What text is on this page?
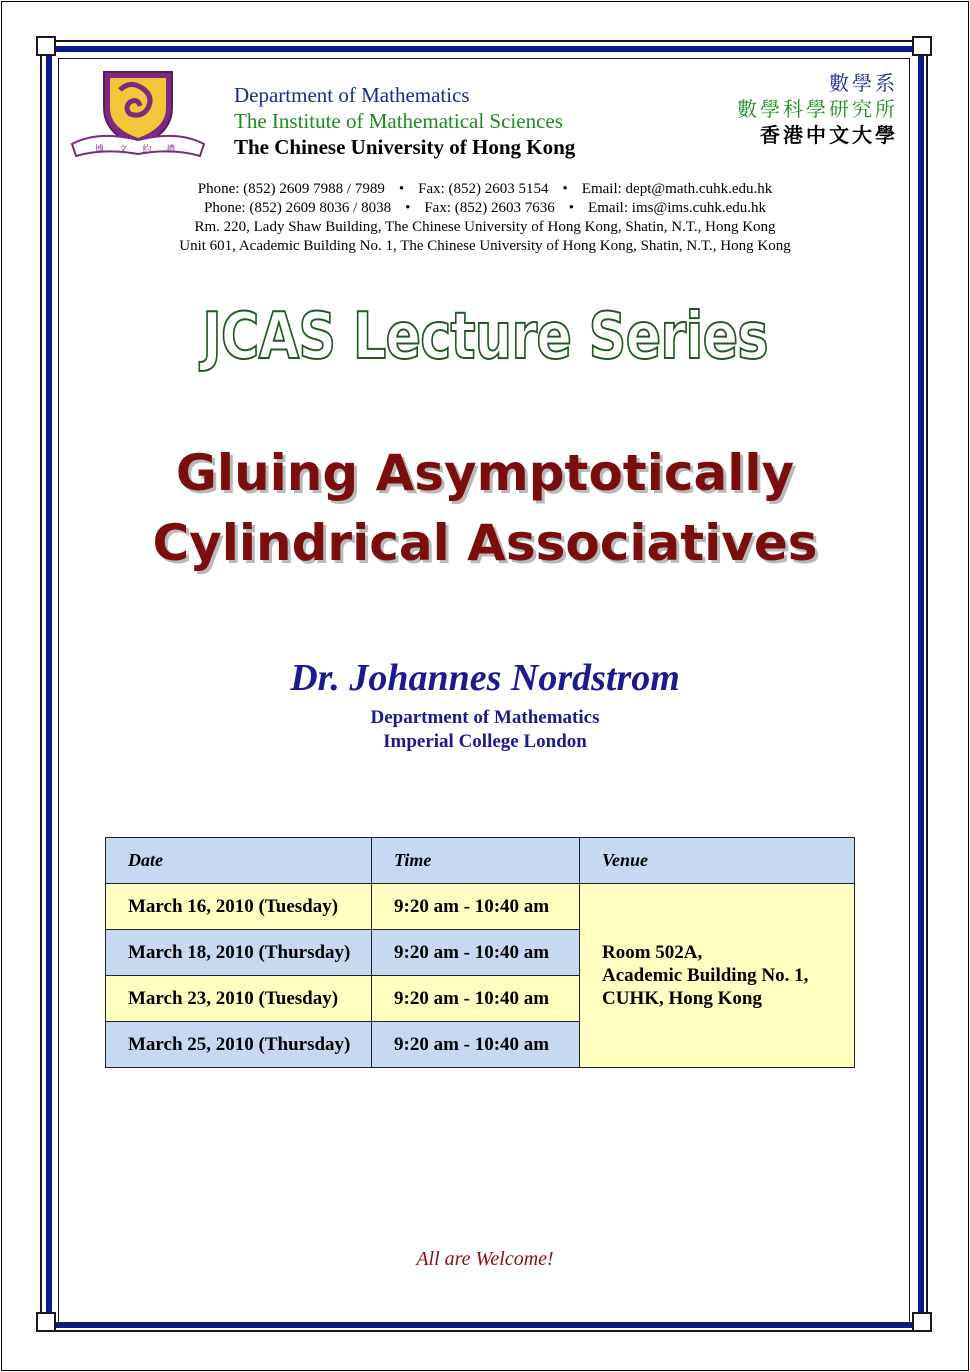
博 文 約 禮
Department of Mathematics
The Institute of Mathematical Sciences
The Chinese University of Hong Kong
數學系
數學科學研究所
香港中文大學
Phone: (852) 2609 7988 / 7989 • Fax: (852) 2603 5154 • Email: dept@math.cuhk.edu.hk
Phone: (852) 2609 8036 / 8038 • Fax: (852) 2603 7636 • Email: ims@ims.cuhk.edu.hk
Rm. 220, Lady Shaw Building, The Chinese University of Hong Kong, Shatin, N.T., Hong Kong
Unit 601, Academic Building No. 1, The Chinese University of Hong Kong, Shatin, N.T., Hong Kong
JCAS Lecture Series
Gluing Asymptotically
Cylindrical Associatives
Dr. Johannes Nordstrom
Department of Mathematics
Imperial College London
Date	Time	Venue
March 16, 2010 (Tuesday)	9:20 am - 10:40 am	Room 502A,
Academic Building No. 1,
CUHK, Hong Kong

March 18, 2010 (Thursday)	9:20 am - 10:40 am	
March 23, 2010 (Tuesday)	9:20 am - 10:40 am	
March 25, 2010 (Thursday)	9:20 am - 10:40 am	
All are Welcome!
